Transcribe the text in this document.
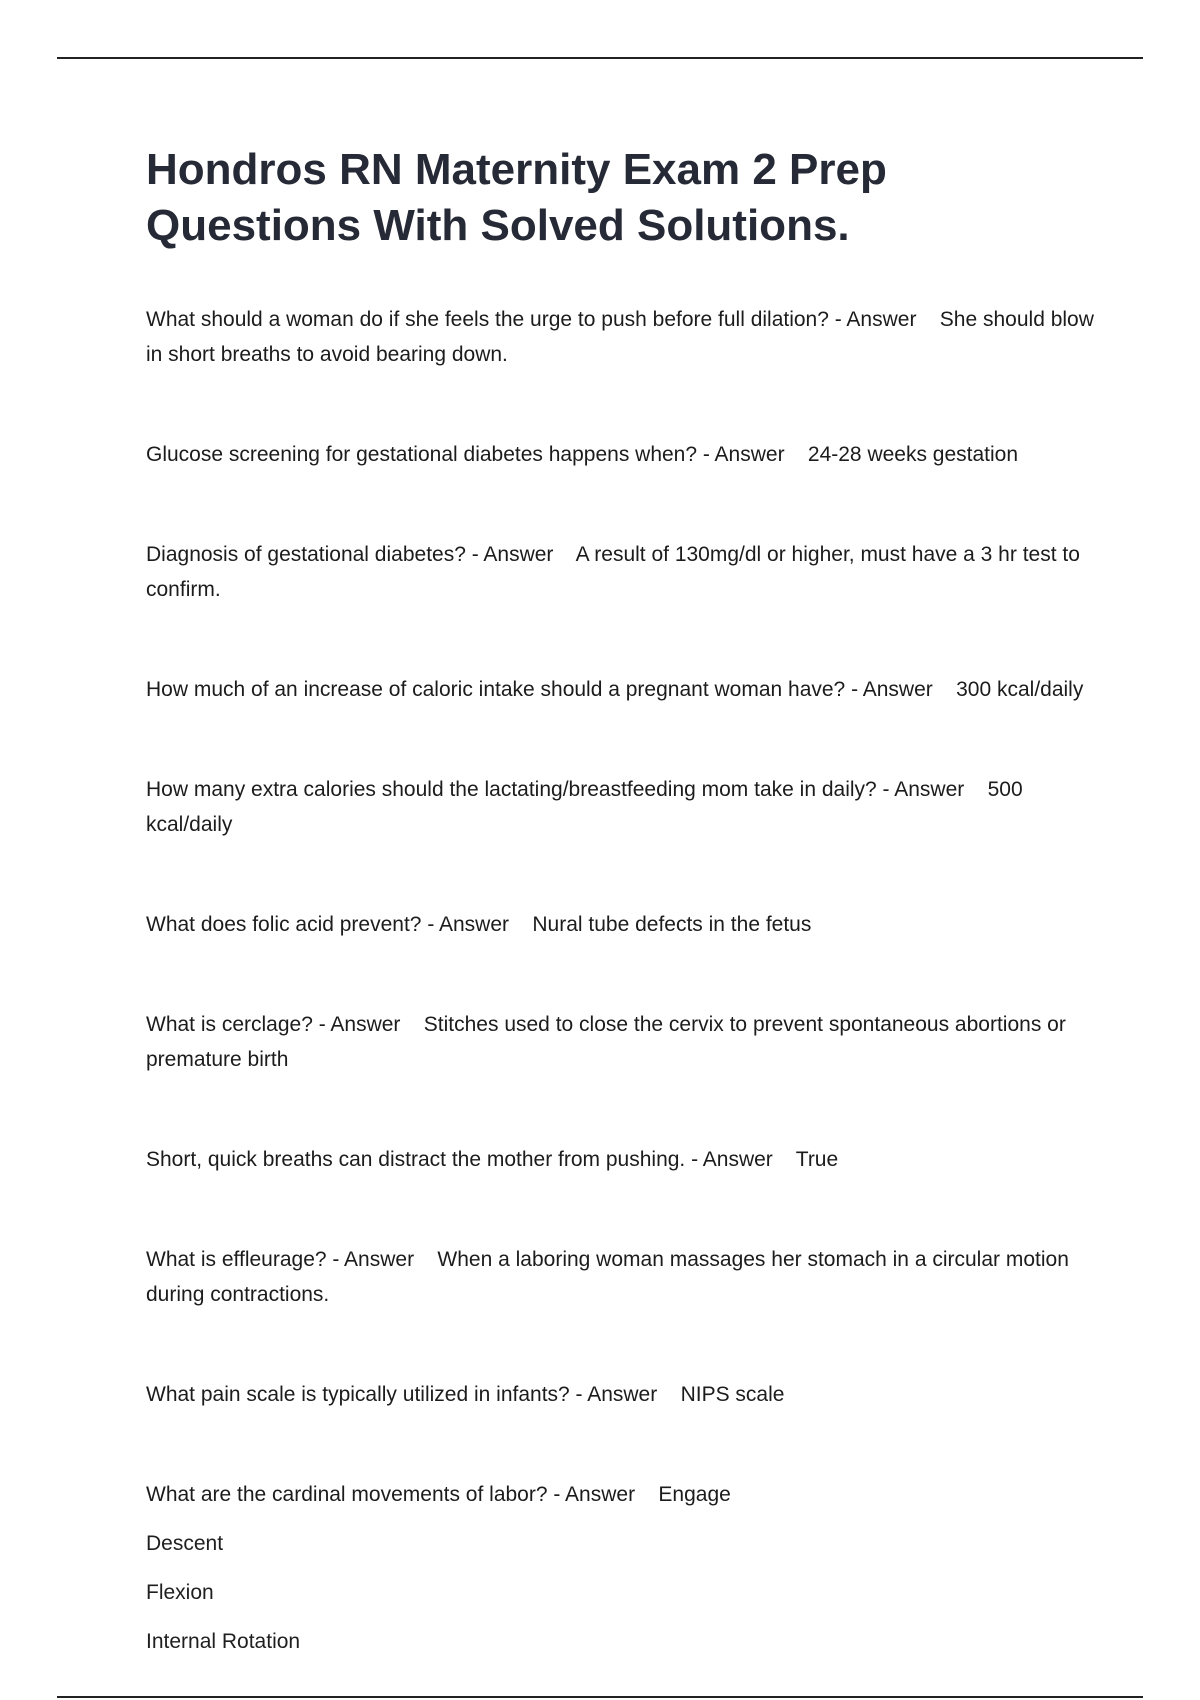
Hondros RN Maternity Exam 2 Prep Questions With Solved Solutions.

What should a woman do if she feels the urge to push before full dilation? - Answer She should blow in short breaths to avoid bearing down.

Glucose screening for gestational diabetes happens when? - Answer 24-28 weeks gestation

Diagnosis of gestational diabetes? - Answer A result of 130mg/dl or higher, must have a 3 hr test to confirm.

How much of an increase of caloric intake should a pregnant woman have? - Answer 300 kcal/daily

How many extra calories should the lactating/breastfeeding mom take in daily? - Answer 500 kcal/daily

What does folic acid prevent? - Answer Nural tube defects in the fetus

What is cerclage? - Answer Stitches used to close the cervix to prevent spontaneous abortions or premature birth

Short, quick breaths can distract the mother from pushing. - Answer True

What is effleurage? - Answer When a laboring woman massages her stomach in a circular motion during contractions.

What pain scale is typically utilized in infants? - Answer NIPS scale

What are the cardinal movements of labor? - Answer Engage

Descent
Flexion
Internal Rotation
